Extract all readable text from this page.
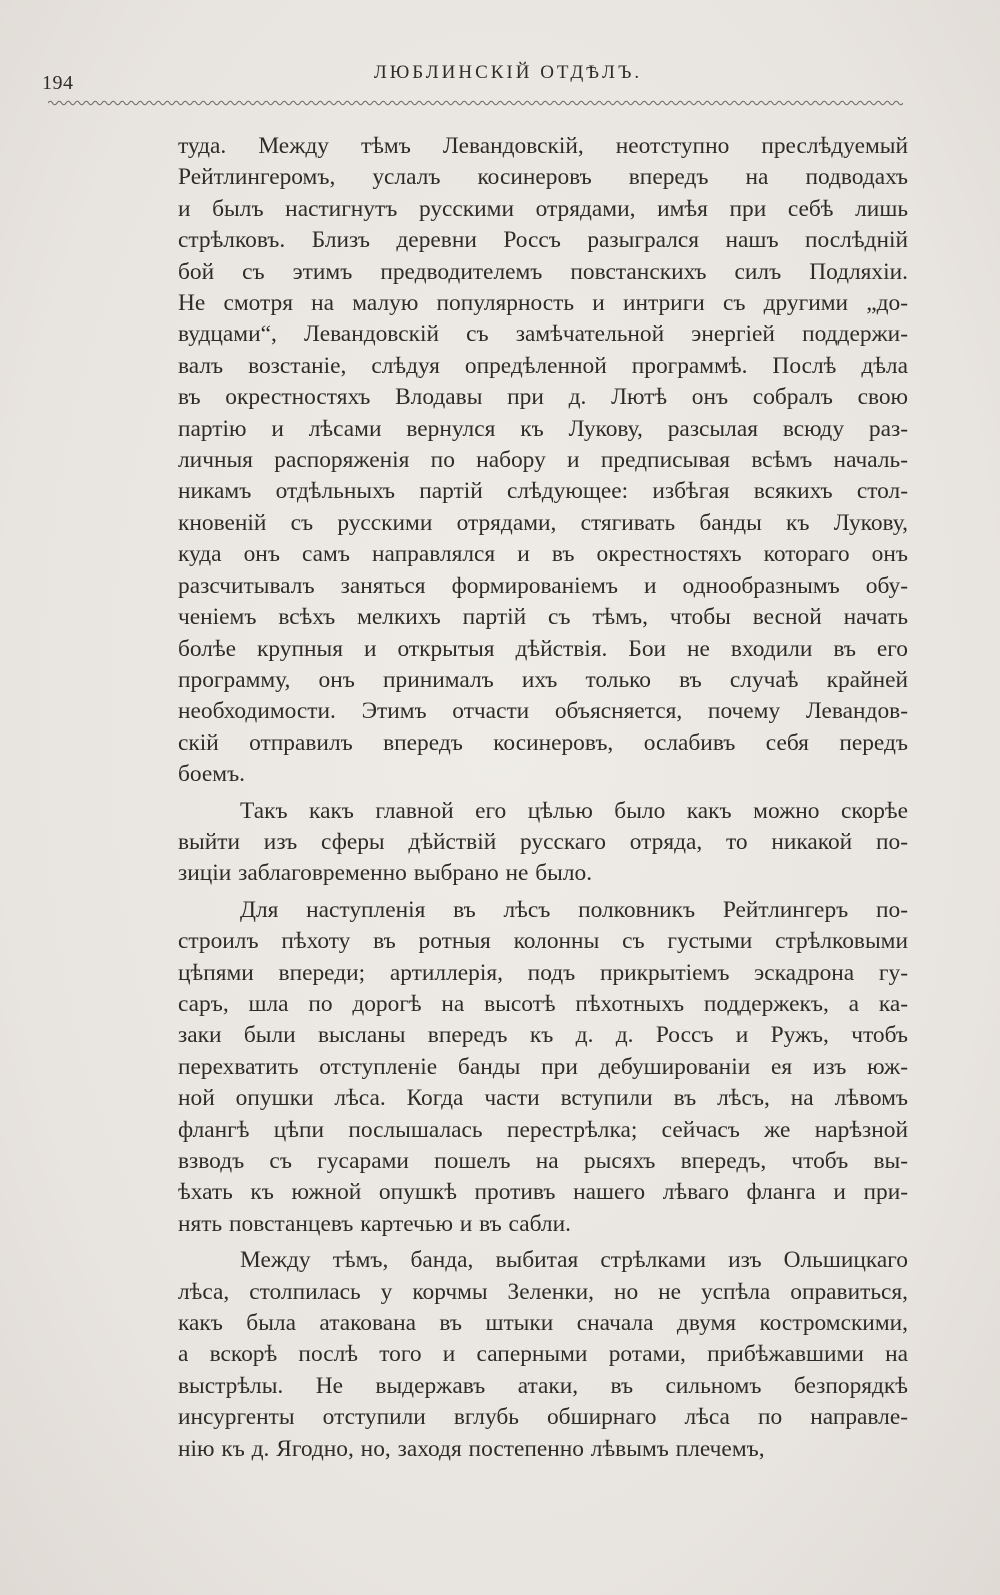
194	ЛЮБЛИНСКІЙ ОТДѢЛЪ.

туда. Между тѣмъ Левандовскій, неотступно преслѣдуемый
Рейтлингеромъ, услалъ косинеровъ впередъ на подводахъ
и былъ настигнутъ русскими отрядами, имѣя при себѣ лишь
стрѣлковъ. Близъ деревни Россъ разыгрался нашъ послѣдній
бой съ этимъ предводителемъ повстанскихъ силъ Подляхіи.
Не смотря на малую популярность и интриги съ другими „до-
вудцами“, Левандовскій съ замѣчательной энергіей поддержи-
валъ возстаніе, слѣдуя опредѣленной программѣ. Послѣ дѣла
въ окрестностяхъ Влодавы при д. Лютѣ онъ собралъ свою
партію и лѣсами вернулся къ Лукову, разсылая всюду раз-
личныя распоряженія по набору и предписывая всѣмъ началь-
никамъ отдѣльныхъ партій слѣдующее: избѣгая всякихъ стол-
кновеній съ русскими отрядами, стягивать банды къ Лукову,
куда онъ самъ направлялся и въ окрестностяхъ котораго онъ
разсчитывалъ заняться формированіемъ и однообразнымъ обу-
ченіемъ всѣхъ мелкихъ партій съ тѣмъ, чтобы весной начать
болѣе крупныя и открытыя дѣйствія. Бои не входили въ его
программу, онъ принималъ ихъ только въ случаѣ крайней
необходимости. Этимъ отчасти объясняется, почему Левандов-
скій отправилъ впередъ косинеровъ, ослабивъ себя передъ
боемъ.

Такъ какъ главной его цѣлью было какъ можно скорѣе
выйти изъ сферы дѣйствій русскаго отряда, то никакой по-
зиціи заблаговременно выбрано не было.

Для наступленія въ лѣсъ полковникъ Рейтлингеръ по-
строилъ пѣхоту въ ротныя колонны съ густыми стрѣлковыми
цѣпями впереди; артиллерія, подъ прикрытіемъ эскадрона гу-
саръ, шла по дорогѣ на высотѣ пѣхотныхъ поддержекъ, а ка-
заки были высланы впередъ къ д. д. Россъ и Ружъ, чтобъ
перехватить отступленіе банды при дебушированіи ея изъ юж-
ной опушки лѣса. Когда части вступили въ лѣсъ, на лѣвомъ
флангѣ цѣпи послышалась перестрѣлка; сейчасъ же нарѣзной
взводъ съ гусарами пошелъ на рысяхъ впередъ, чтобъ вы-
ѣхать къ южной опушкѣ противъ нашего лѣваго фланга и при-
нять повстанцевъ картечью и въ сабли.

Между тѣмъ, банда, выбитая стрѣлками изъ Ольшицкаго
лѣса, столпилась у корчмы Зеленки, но не успѣла оправиться,
какъ была атакована въ штыки сначала двумя костромскими,
а вскорѣ послѣ того и саперными ротами, прибѣжавшими на
выстрѣлы. Не выдержавъ атаки, въ сильномъ безпорядкѣ
инсургенты отступили вглубь обширнаго лѣса по направле-
нію къ д. Ягодно, но, заходя постепенно лѣвымъ плечемъ,
